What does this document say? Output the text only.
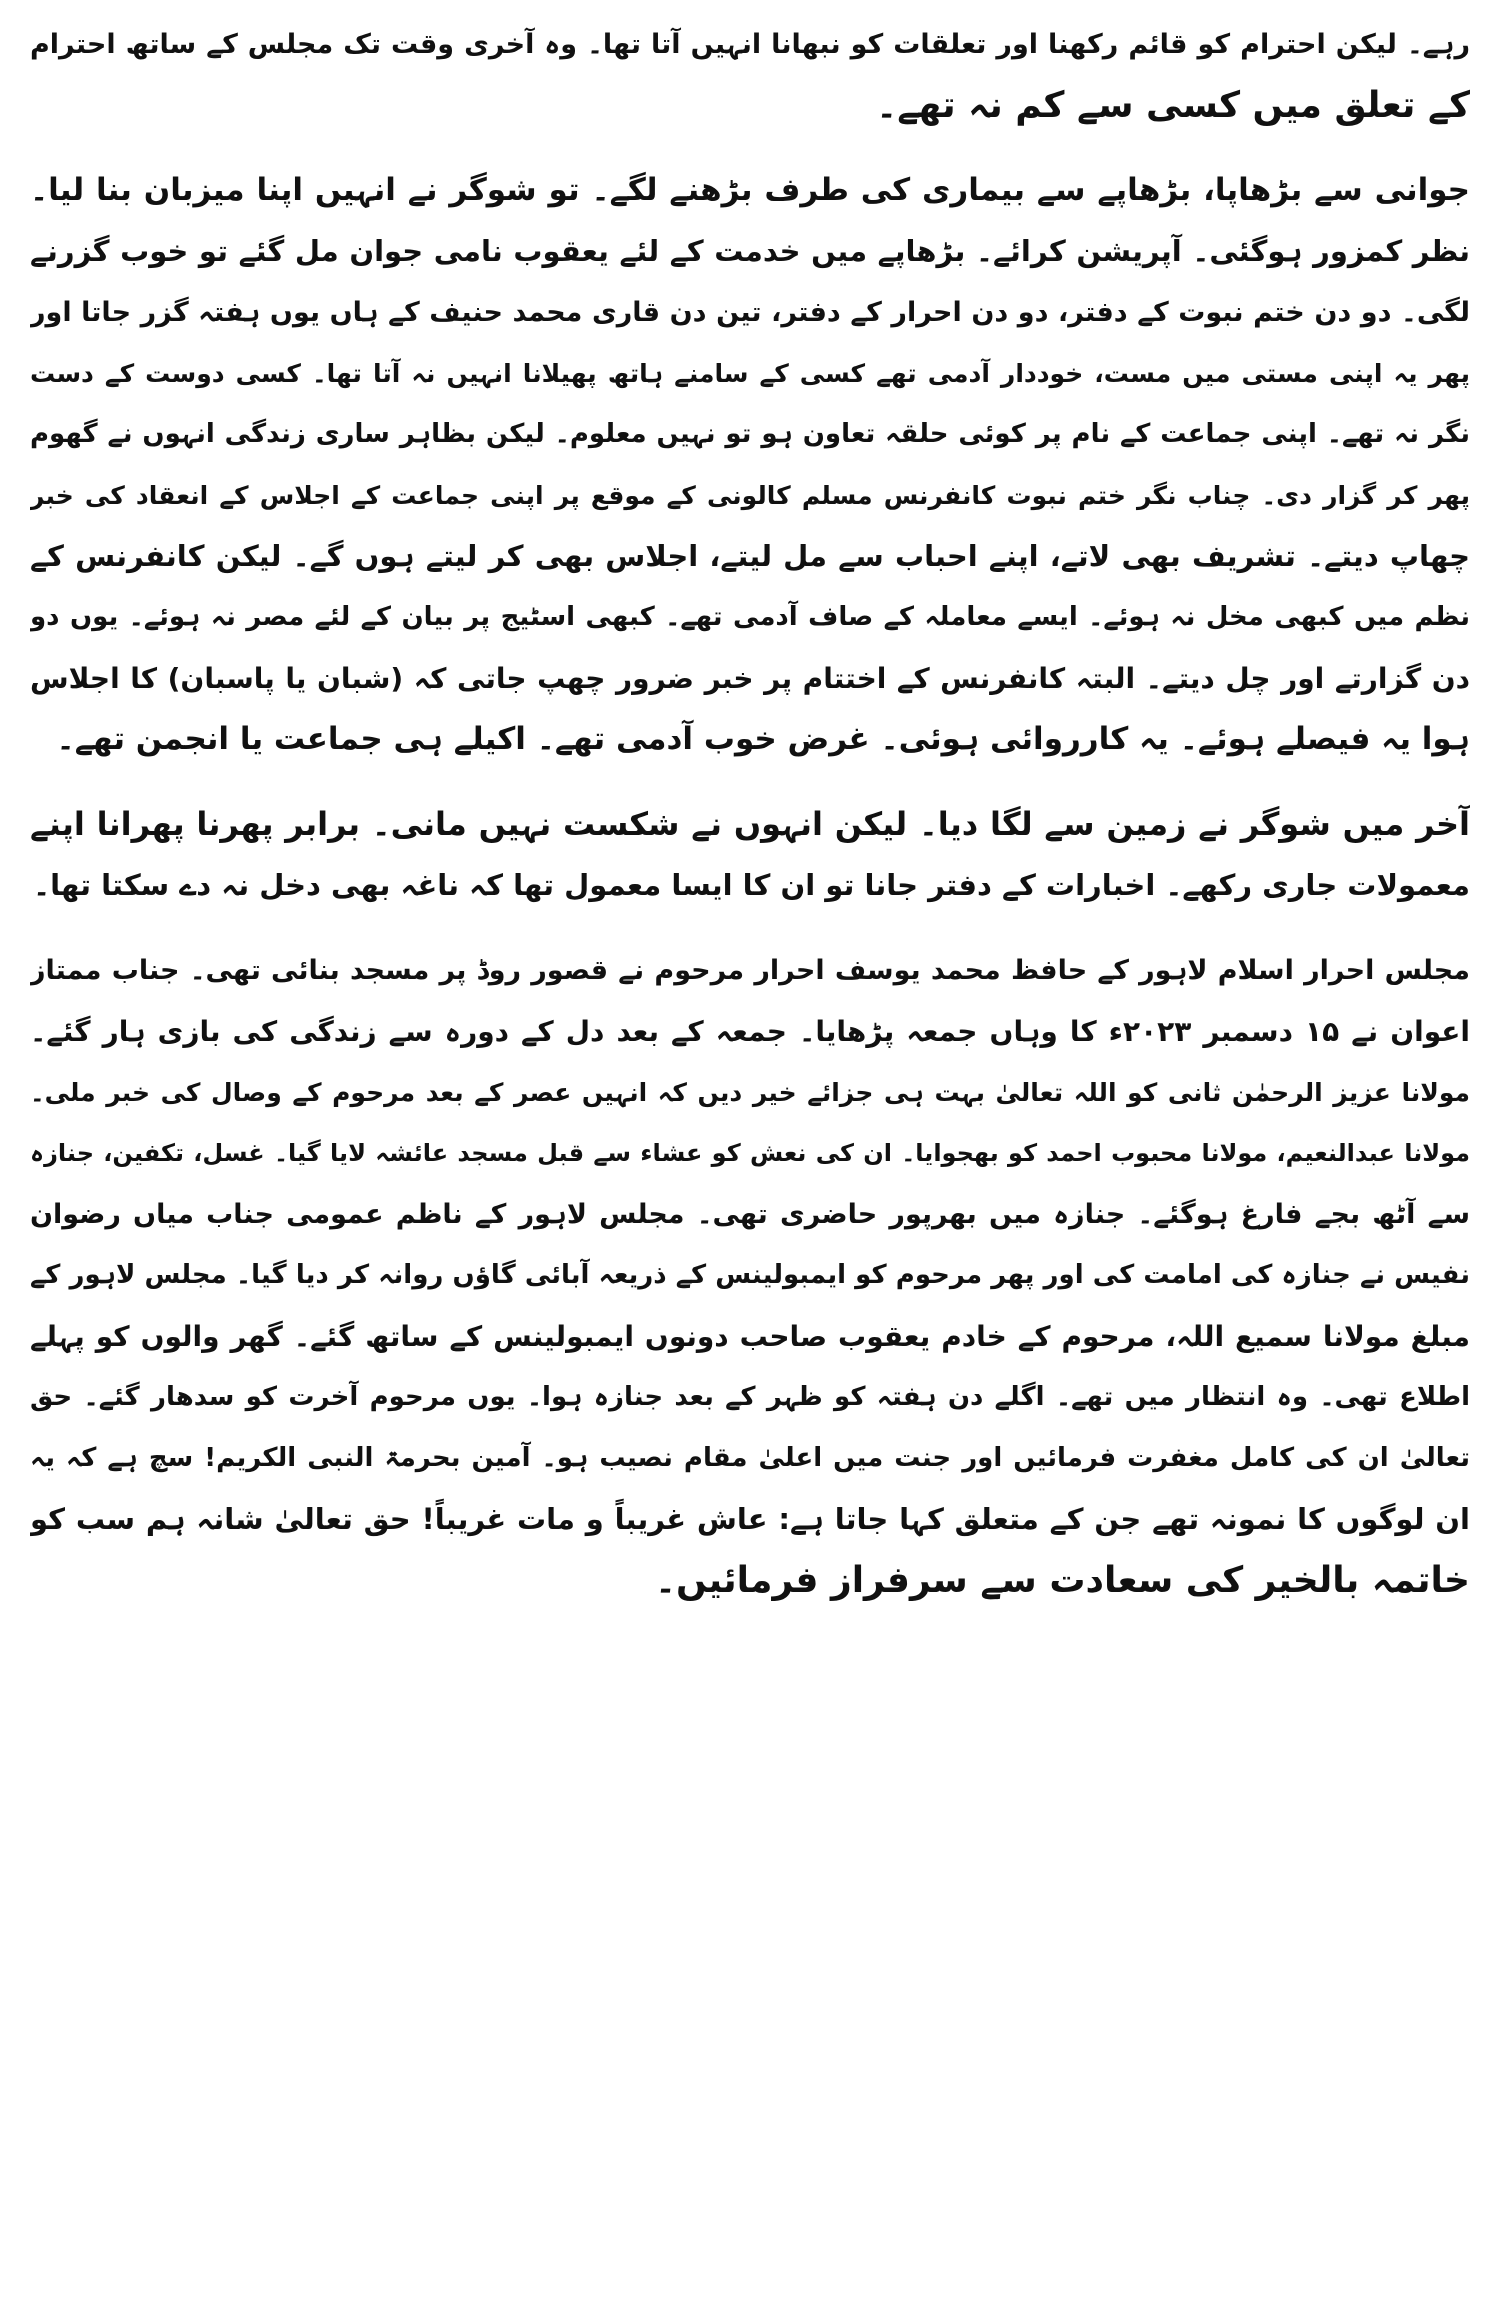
رہے۔ لیکن احترام کو قائم رکھنا اور تعلقات کو نبھانا انہیں آتا تھا۔ وہ آخری وقت تک مجلس کے ساتھ احترام
کے تعلق میں کسی سے کم نہ تھے۔
جوانی سے بڑھاپا، بڑھاپے سے بیماری کی طرف بڑھنے لگے۔ تو شوگر نے انہیں اپنا میزبان بنا لیا۔
نظر کمزور ہوگئی۔ آپریشن کرائے۔ بڑھاپے میں خدمت کے لئے یعقوب نامی جوان مل گئے تو خوب گزرنے
لگی۔ دو دن ختم نبوت کے دفتر، دو دن احرار کے دفتر، تین دن قاری محمد حنیف کے ہاں یوں ہفتہ گزر جاتا اور
پھر یہ اپنی مستی میں مست، خوددار آدمی تھے کسی کے سامنے ہاتھ پھیلانا انہیں نہ آتا تھا۔ کسی دوست کے دست
نگر نہ تھے۔ اپنی جماعت کے نام پر کوئی حلقہ تعاون ہو تو نہیں معلوم۔ لیکن بظاہر ساری زندگی انہوں نے گھوم
پھر کر گزار دی۔ چناب نگر ختم نبوت کانفرنس مسلم کالونی کے موقع پر اپنی جماعت کے اجلاس کے انعقاد کی خبر
چھاپ دیتے۔ تشریف بھی لاتے، اپنے احباب سے مل لیتے، اجلاس بھی کر لیتے ہوں گے۔ لیکن کانفرنس کے
نظم میں کبھی مخل نہ ہوئے۔ ایسے معاملہ کے صاف آدمی تھے۔ کبھی اسٹیج پر بیان کے لئے مصر نہ ہوئے۔ یوں دو
دن گزارتے اور چل دیتے۔ البتہ کانفرنس کے اختتام پر خبر ضرور چھپ جاتی کہ (شبان یا پاسبان) کا اجلاس
ہوا یہ فیصلے ہوئے۔ یہ کارروائی ہوئی۔ غرض خوب آدمی تھے۔ اکیلے ہی جماعت یا انجمن تھے۔
آخر میں شوگر نے زمین سے لگا دیا۔ لیکن انہوں نے شکست نہیں مانی۔ برابر پھرنا پھرانا اپنے
معمولات جاری رکھے۔ اخبارات کے دفتر جانا تو ان کا ایسا معمول تھا کہ ناغہ بھی دخل نہ دے سکتا تھا۔
مجلس احرار اسلام لاہور کے حافظ محمد یوسف احرار مرحوم نے قصور روڈ پر مسجد بنائی تھی۔ جناب ممتاز
اعوان نے ۱۵ دسمبر ۲۰۲۳ء کا وہاں جمعہ پڑھایا۔ جمعہ کے بعد دل کے دورہ سے زندگی کی بازی ہار گئے۔
مولانا عزیز الرحمٰن ثانی کو اللہ تعالیٰ بہت ہی جزائے خیر دیں کہ انہیں عصر کے بعد مرحوم کے وصال کی خبر ملی۔
مولانا عبدالنعیم، مولانا محبوب احمد کو بھجوایا۔ ان کی نعش کو عشاء سے قبل مسجد عائشہ لایا گیا۔ غسل، تکفین، جنازہ
سے آٹھ بجے فارغ ہوگئے۔ جنازہ میں بھرپور حاضری تھی۔ مجلس لاہور کے ناظم عمومی جناب میاں رضوان
نفیس نے جنازہ کی امامت کی اور پھر مرحوم کو ایمبولینس کے ذریعہ آبائی گاؤں روانہ کر دیا گیا۔ مجلس لاہور کے
مبلغ مولانا سمیع اللہ، مرحوم کے خادم یعقوب صاحب دونوں ایمبولینس کے ساتھ گئے۔ گھر والوں کو پہلے
اطلاع تھی۔ وہ انتظار میں تھے۔ اگلے دن ہفتہ کو ظہر کے بعد جنازہ ہوا۔ یوں مرحوم آخرت کو سدھار گئے۔ حق
تعالیٰ ان کی کامل مغفرت فرمائیں اور جنت میں اعلیٰ مقام نصیب ہو۔ آمین بحرمۃ النبی الکریم! سچ ہے کہ یہ
ان لوگوں کا نمونہ تھے جن کے متعلق کہا جاتا ہے: عاش غریباً و مات غریباً! حق تعالیٰ شانہ ہم سب کو
خاتمہ بالخیر کی سعادت سے سرفراز فرمائیں۔
